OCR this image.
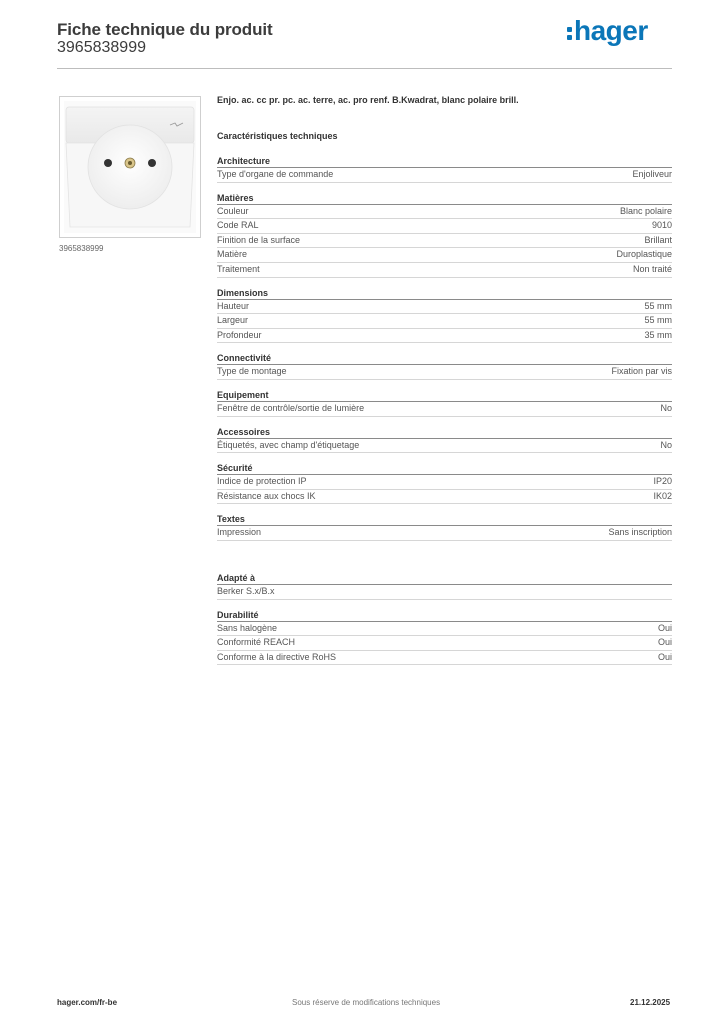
Fiche technique du produit
3965838999
hager
3965838999
Enjo. ac. cc pr. pc. ac. terre, ac. pro renf. B.Kwadrat, blanc polaire brill.
Caractéristiques techniques
Architecture
Type d'organe de commande	Enjoliveur
Matières
Couleur	Blanc polaire
Code RAL	9010
Finition de la surface	Brillant
Matière	Duroplastique
Traitement	Non traité
Dimensions
Hauteur	55 mm
Largeur	55 mm
Profondeur	35 mm
Connectivité
Type de montage	Fixation par vis
Equipement
Fenêtre de contrôle/sortie de lumière	No
Accessoires
Étiquetés, avec champ d'étiquetage	No
Sécurité
Indice de protection IP	IP20
Résistance aux chocs IK	IK02
Textes
Impression	Sans inscription
Adapté à
Berker S.x/B.x
Durabilité
Sans halogène	Oui
Conformité REACH	Oui
Conforme à la directive RoHS	Oui
hager.com/fr-be	Sous réserve de modifications techniques	21.12.2025
